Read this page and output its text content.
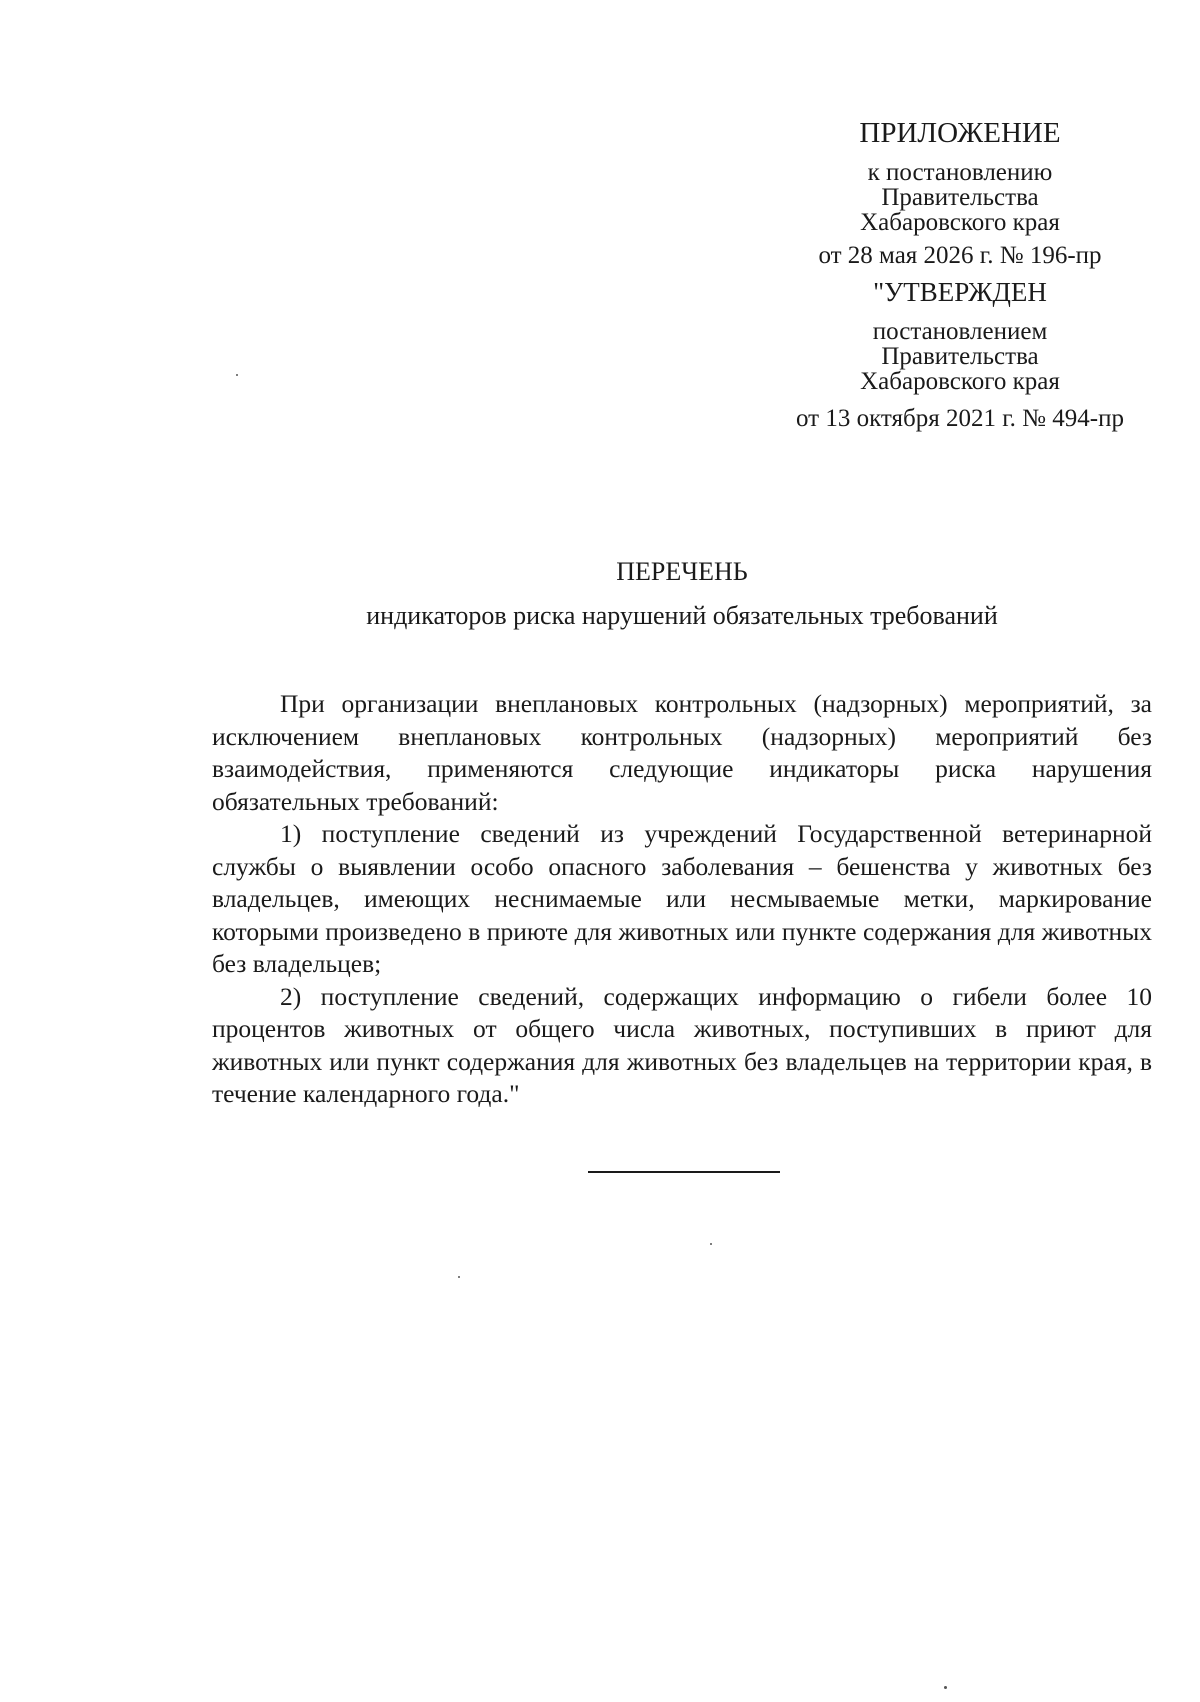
ПРИЛОЖЕНИЕ
к постановлению
Правительства
Хабаровского края
от 28 мая 2026 г. № 196-пр
"УТВЕРЖДЕН
постановлением
Правительства
Хабаровского края
от 13 октября 2021 г. № 494-пр
ПЕРЕЧЕНЬ
индикаторов риска нарушений обязательных требований

При организации внеплановых контрольных (надзорных) мероприятий, за исключением внеплановых контрольных (надзорных) мероприятий без взаимодействия, применяются следующие индикаторы риска нарушения обязательных требований:

1) поступление сведений из учреждений Государственной ветеринарной службы о выявлении особо опасного заболевания – бешенства у животных без владельцев, имеющих неснимаемые или несмываемые метки, маркирование которыми произведено в приюте для животных или пункте содержания для животных без владельцев;

2) поступление сведений, содержащих информацию о гибели более 10 процентов животных от общего числа животных, поступивших в приют для животных или пункт содержания для животных без владельцев на территории края, в течение календарного года."
